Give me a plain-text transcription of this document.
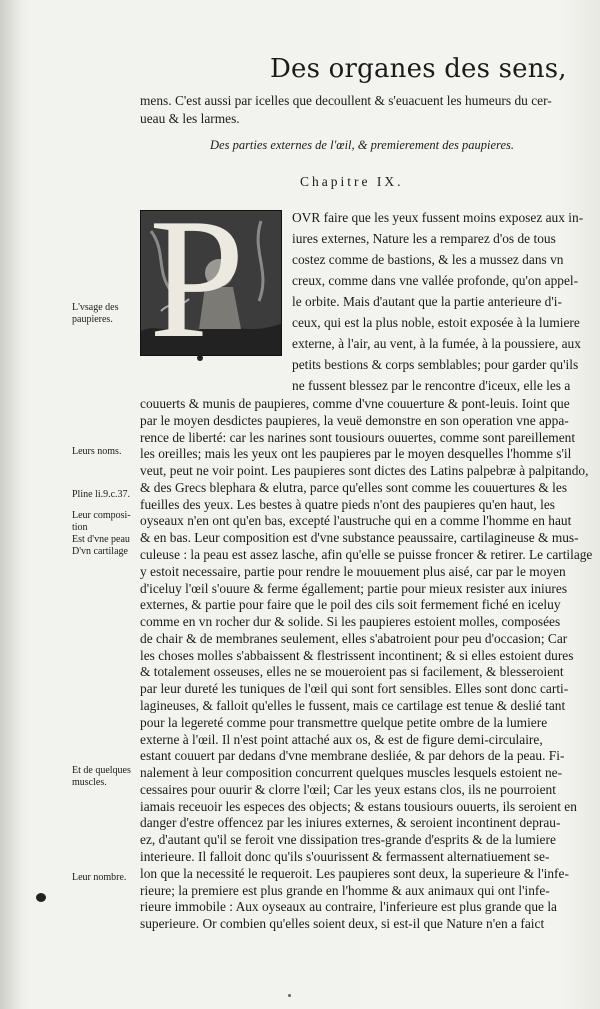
Des organes des sens,
mens. C'est aussi par icelles que decoullent & s'euacuent les humeurs du cer-
ueau & les larmes.
Des parties externes de l'œil, & premierement des paupieres.
Chapitre IX.
P	OVR faire que les yeux fussent moins exposez aux in-
iures externes, Nature les a remparez d'os de tous
costez comme de bastions, & les a mussez dans vn
creux, comme dans vne vallée profonde, qu'on appel-
le orbite. Mais d'autant que la partie anterieure d'i-
ceux, qui est la plus noble, estoit exposée à la lumiere
externe, à l'air, au vent, à la fumée, à la poussiere, aux
petits bestions & corps semblables; pour garder qu'ils
ne fussent blessez par le rencontre d'iceux, elle les a
couuerts & munis de paupieres, comme d'vne couuerture & pont-leuis. Ioint que
par le moyen desdictes paupieres, la veuë demonstre en son operation vne appa-
rence de liberté: car les narines sont tousiours ouuertes, comme sont pareillement
les oreilles; mais les yeux ont les paupieres par le moyen desquelles l'homme s'il
veut, peut ne voir point. Les paupieres sont dictes des Latins palpebræ à palpitando,
& des Grecs blephara & elutra, parce qu'elles sont comme les couuertures & les
fueilles des yeux. Les bestes à quatre pieds n'ont des paupieres qu'en haut, les
oyseaux n'en ont qu'en bas, excepté l'austruche qui en a comme l'homme en haut
& en bas. Leur composition est d'vne substance peaussaire, cartilagineuse & mus-
culeuse : la peau est assez lasche, afin qu'elle se puisse froncer & retirer. Le cartilage
y estoit necessaire, partie pour rendre le mouuement plus aisé, car par le moyen
d'iceluy l'œil s'ouure & ferme égallement; partie pour mieux resister aux iniures
externes, & partie pour faire que le poil des cils soit fermement fiché en iceluy
comme en vn rocher dur & solide. Si les paupieres estoient molles, composées
de chair & de membranes seulement, elles s'abatroient pour peu d'occasion; Car
les choses molles s'abbaissent & flestrissent incontinent; & si elles estoient dures
& totalement osseuses, elles ne se moueroient pas si facilement, & blesseroient
par leur dureté les tuniques de l'œil qui sont fort sensibles. Elles sont donc carti-
lagineuses, & falloit qu'elles le fussent, mais ce cartilage est tenue & deslié tant
pour la legereté comme pour transmettre quelque petite ombre de la lumiere
externe à l'œil. Il n'est point attaché aux os, & est de figure demi-circulaire,
estant couuert par dedans d'vne membrane desliée, & par dehors de la peau. Fi-
nalement à leur composition concurrent quelques muscles lesquels estoient ne-
cessaires pour ouurir & clorre l'œil; Car les yeux estans clos, ils ne pourroient
iamais receuoir les especes des objects; & estans tousiours ouuerts, ils seroient en
danger d'estre offencez par les iniures externes, & seroient incontinent deprau-
ez, d'autant qu'il se feroit vne dissipation tres-grande d'esprits & de la lumiere
interieure. Il falloit donc qu'ils s'ouurissent & fermassent alternatiuement se-
lon que la necessité le requeroit. Les paupieres sont deux, la superieure & l'infe-
rieure; la premiere est plus grande en l'homme & aux animaux qui ont l'infe-
rieure immobile : Aux oyseaux au contraire, l'inferieure est plus grande que la
superieure. Or combien qu'elles soient deux, si est-il que Nature n'en a faict
L'vsage des
paupieres.
Leurs noms.
Pline li.9.c.37.
Leur composi-
tion
Est d'vne peau
D'vn cartilage
Et de quelques
muscles.
Leur nombre.
